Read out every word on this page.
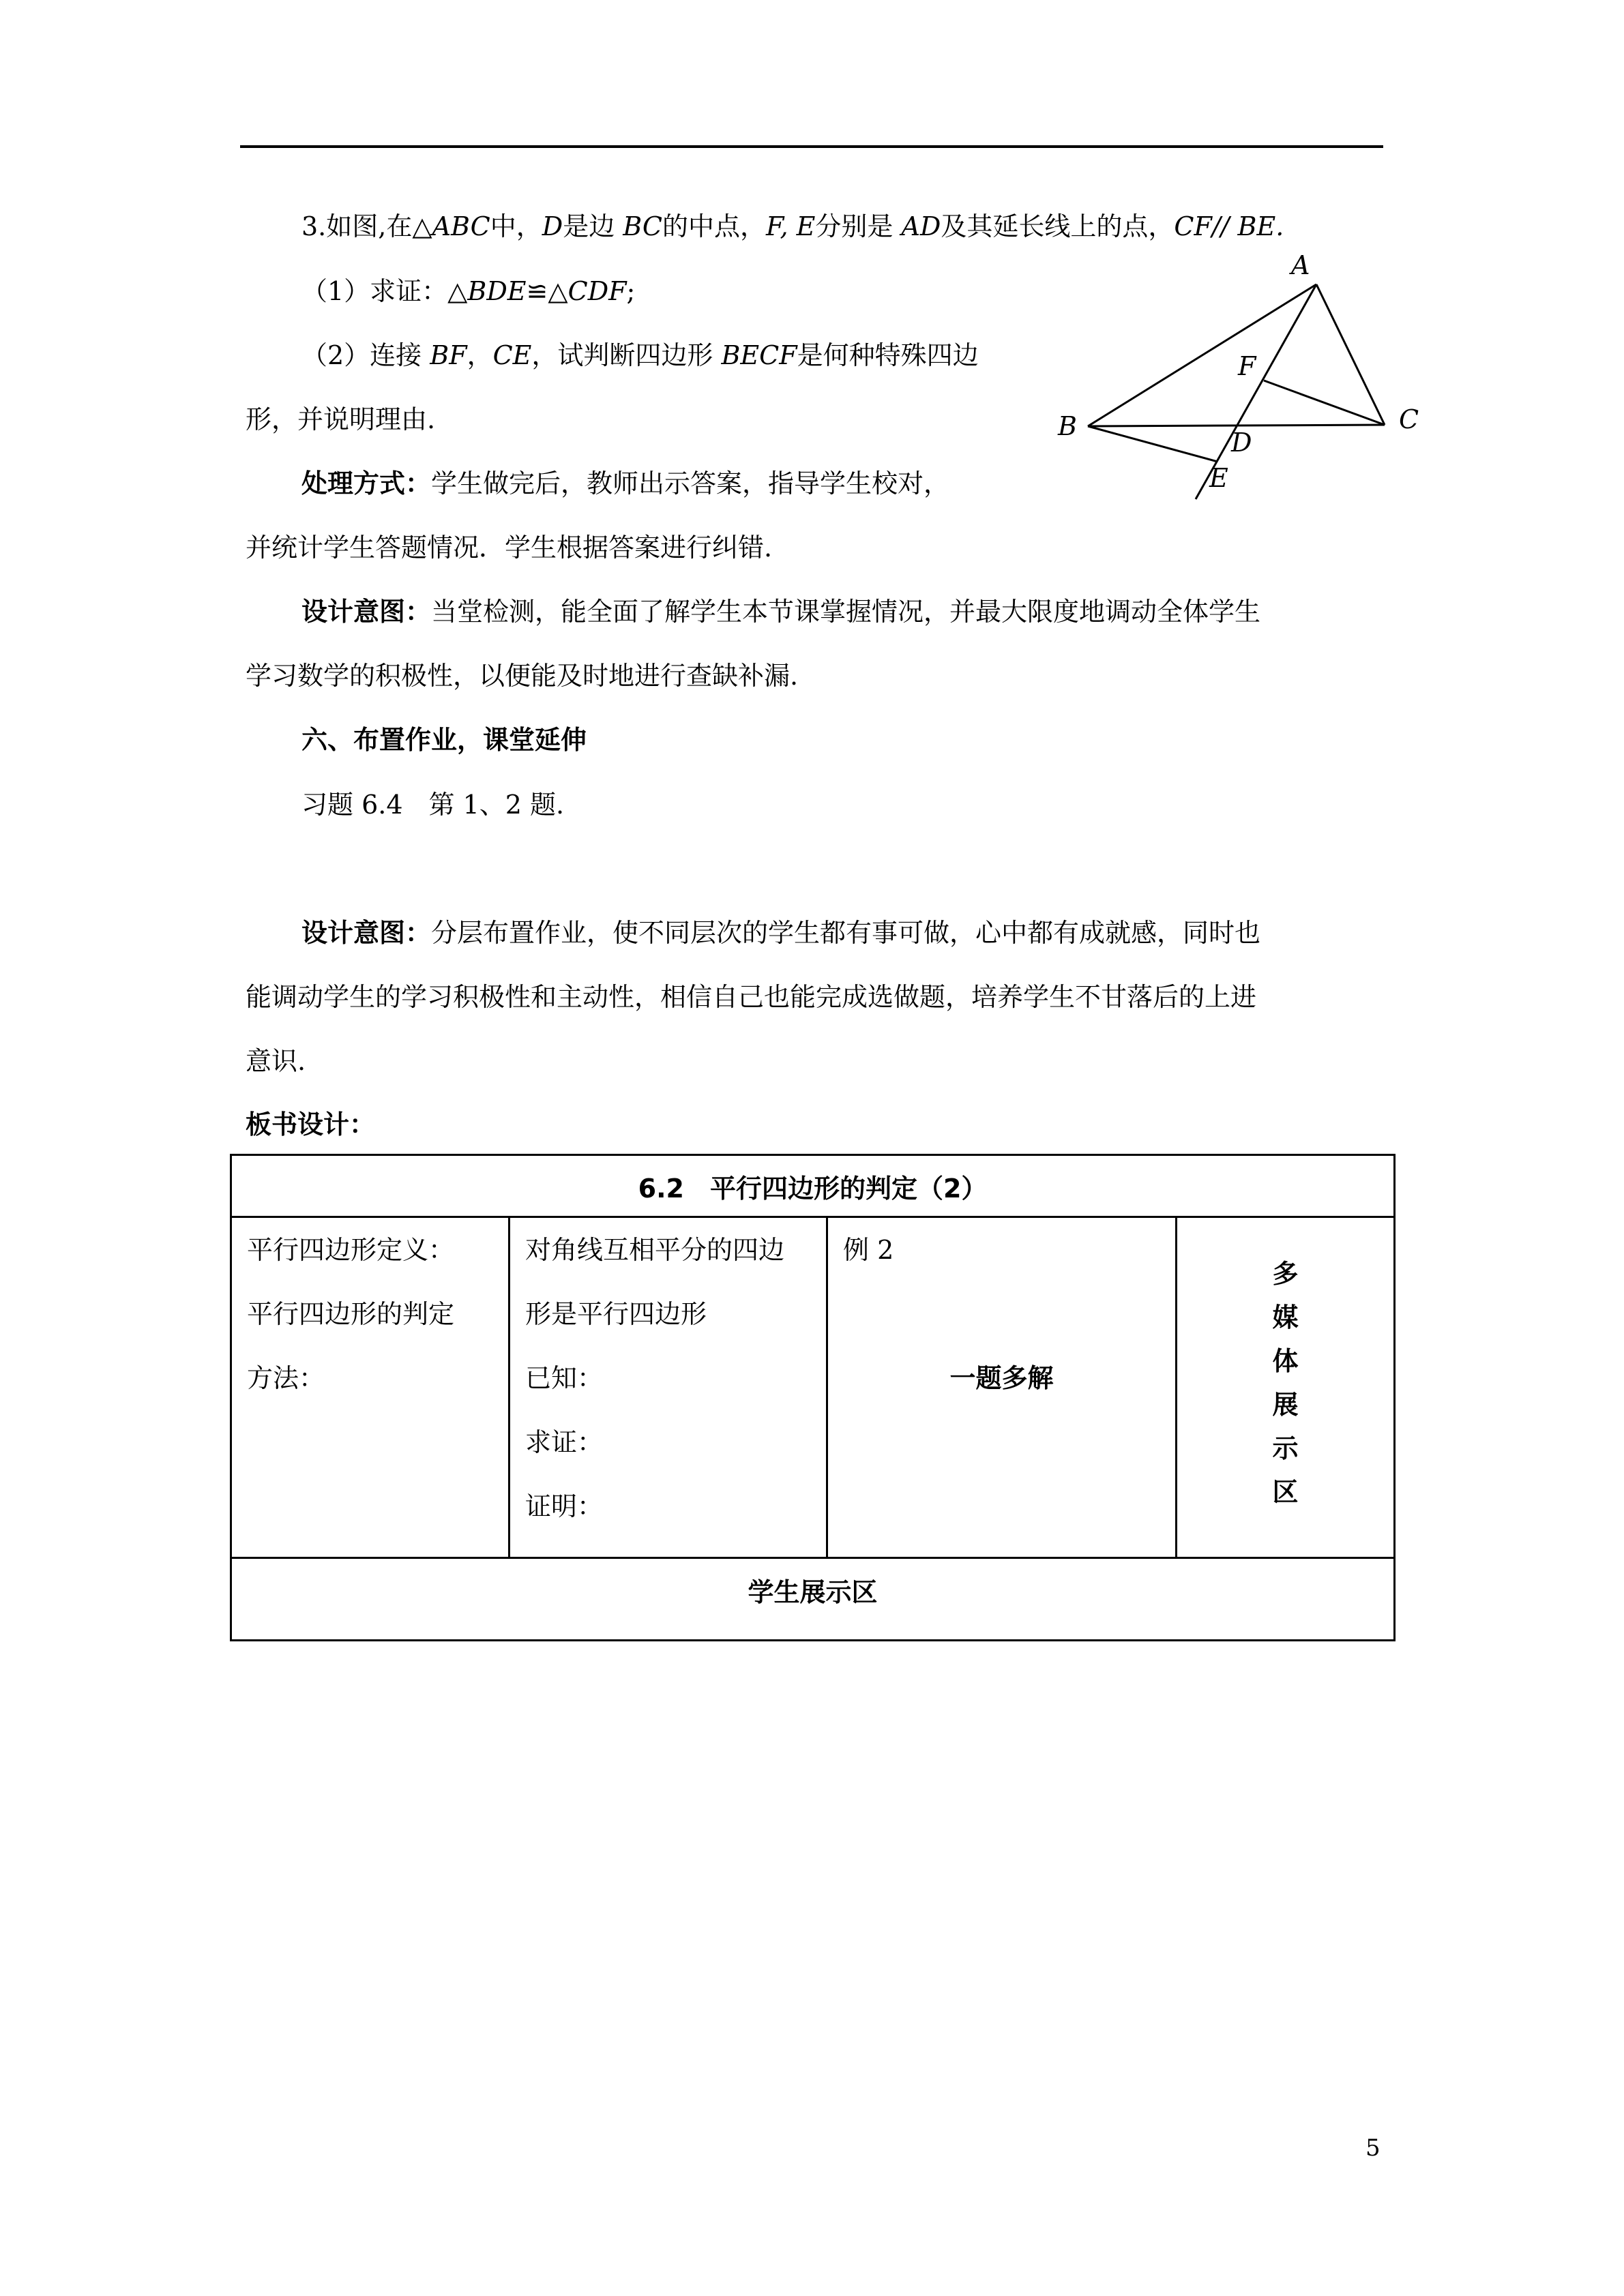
3.如图,在△ABC中，D是边 BC的中点，F, E分别是 AD及其延长线上的点，CF// BE.
（1）求证：△BDE≌△CDF;
（2）连接 BF，CE，试判断四边形 BECF是何种特殊四边
形，并说明理由.
A
B	C
D
E
F
处理方式：学生做完后，教师出示答案，指导学生校对，
并统计学生答题情况．学生根据答案进行纠错.
设计意图：当堂检测，能全面了解学生本节课掌握情况，并最大限度地调动全体学生
学习数学的积极性，以便能及时地进行查缺补漏.
六、布置作业，课堂延伸
习题 6.4　第 1、2 题.
设计意图：分层布置作业，使不同层次的学生都有事可做，心中都有成就感，同时也
能调动学生的学习积极性和主动性，相信自己也能完成选做题，培养学生不甘落后的上进
意识.
板书设计：
6.2　平行四边形的判定（2）

平行四边形定义：
平行四边形的判定
方法：

对角线互相平分的四边
形是平行四边形
已知：
求证：
证明：

例 2
一题多解

多
媒
体
展
示
区

学生展示区
5
